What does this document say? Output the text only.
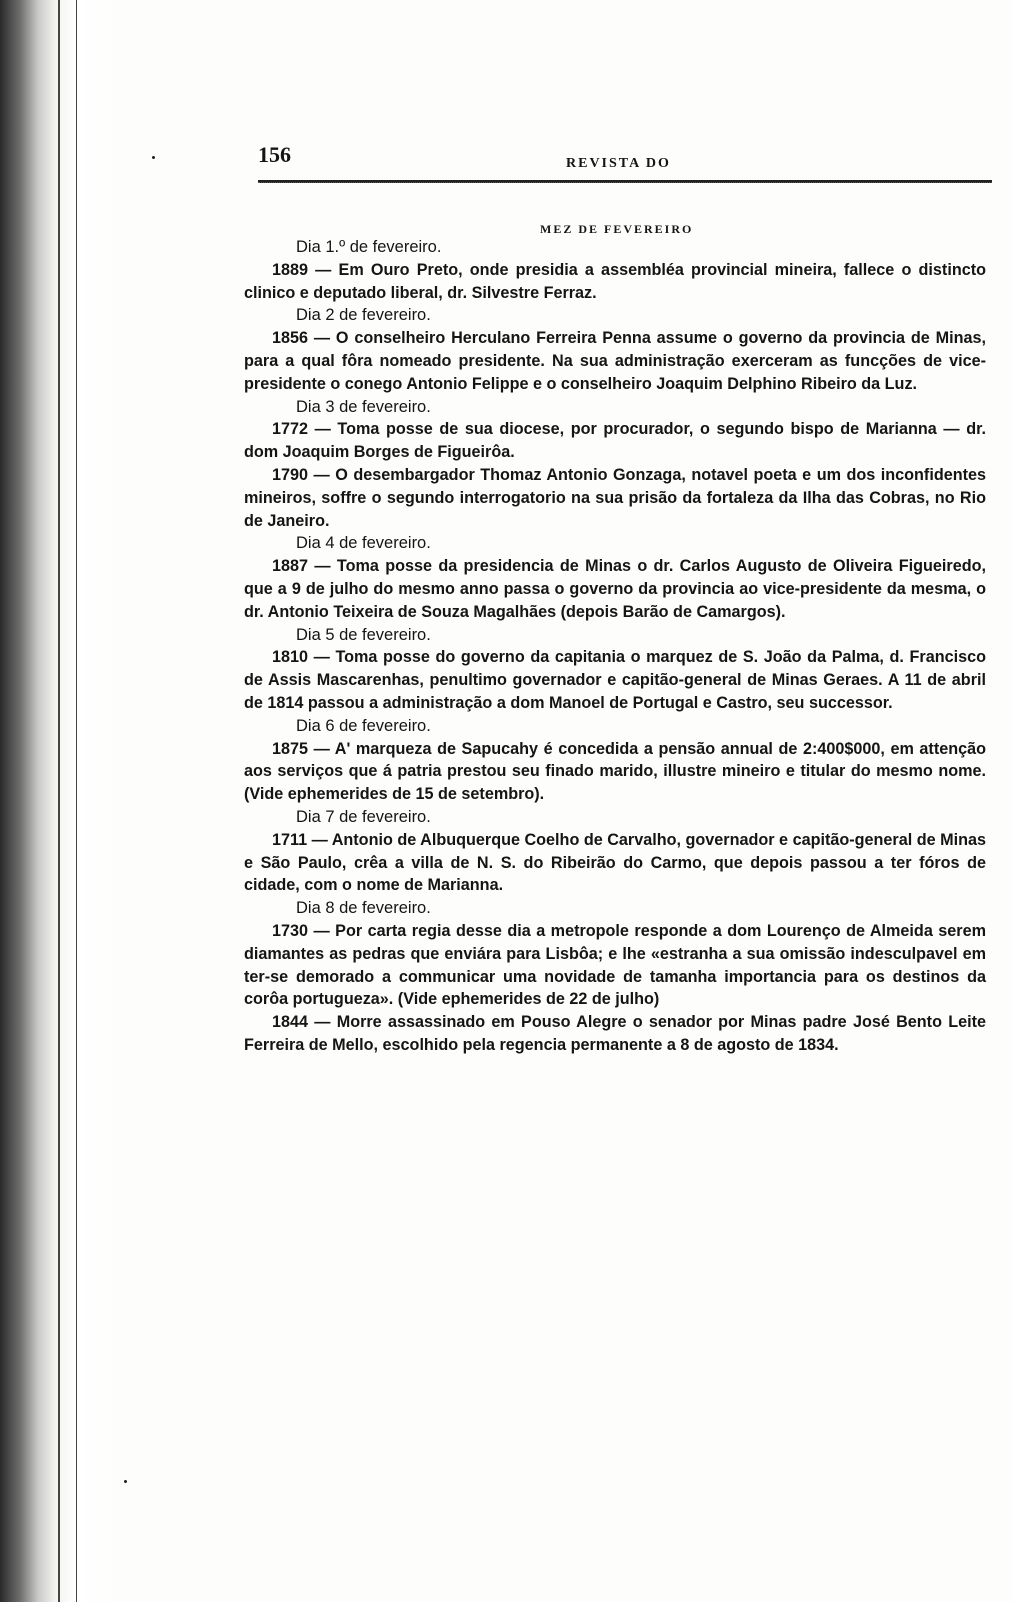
156	REVISTA DO
MEZ DE FEVEREIRO

Dia 1.º de fevereiro.

1889 — Em Ouro Preto, onde presidia a assembléa provincial mineira, fallece o distincto clinico e deputado liberal, dr. Silvestre Ferraz.

Dia 2 de fevereiro.

1856 — O conselheiro Herculano Ferreira Penna assume o governo da provincia de Minas, para a qual fôra nomeado presidente. Na sua administração exerceram as funcções de vice-presidente o conego Antonio Felippe e o conselheiro Joaquim Delphino Ribeiro da Luz.

Dia 3 de fevereiro.

1772 — Toma posse de sua diocese, por procurador, o segundo bispo de Marianna — dr. dom Joaquim Borges de Figueirôa.

1790 — O desembargador Thomaz Antonio Gonzaga, notavel poeta e um dos inconfidentes mineiros, soffre o segundo interrogatorio na sua prisão da fortaleza da Ilha das Cobras, no Rio de Janeiro.

Dia 4 de fevereiro.

1887 — Toma posse da presidencia de Minas o dr. Carlos Augusto de Oliveira Figueiredo, que a 9 de julho do mesmo anno passa o governo da provincia ao vice-presidente da mesma, o dr. Antonio Teixeira de Souza Magalhães (depois Barão de Camargos).

Dia 5 de fevereiro.

1810 — Toma posse do governo da capitania o marquez de S. João da Palma, d. Francisco de Assis Mascarenhas, penultimo governador e capitão-general de Minas Geraes. A 11 de abril de 1814 passou a administração a dom Manoel de Portugal e Castro, seu successor.

Dia 6 de fevereiro.

1875 — A' marqueza de Sapucahy é concedida a pensão annual de 2:400$000, em attenção aos serviços que á patria prestou seu finado marido, illustre mineiro e titular do mesmo nome. (Vide ephemerides de 15 de setembro).

Dia 7 de fevereiro.

1711 — Antonio de Albuquerque Coelho de Carvalho, governador e capitão-general de Minas e São Paulo, crêa a villa de N. S. do Ribeirão do Carmo, que depois passou a ter fóros de cidade, com o nome de Marianna.

Dia 8 de fevereiro.

1730 — Por carta regia desse dia a metropole responde a dom Lourenço de Almeida serem diamantes as pedras que enviára para Lisbôa; e lhe «estranha a sua omissão indesculpavel em ter-se demorado a communicar uma novidade de tamanha importancia para os destinos da corôa portugueza». (Vide ephemerides de 22 de julho)

1844 — Morre assassinado em Pouso Alegre o senador por Minas padre José Bento Leite Ferreira de Mello, escolhido pela regencia permanente a 8 de agosto de 1834.
